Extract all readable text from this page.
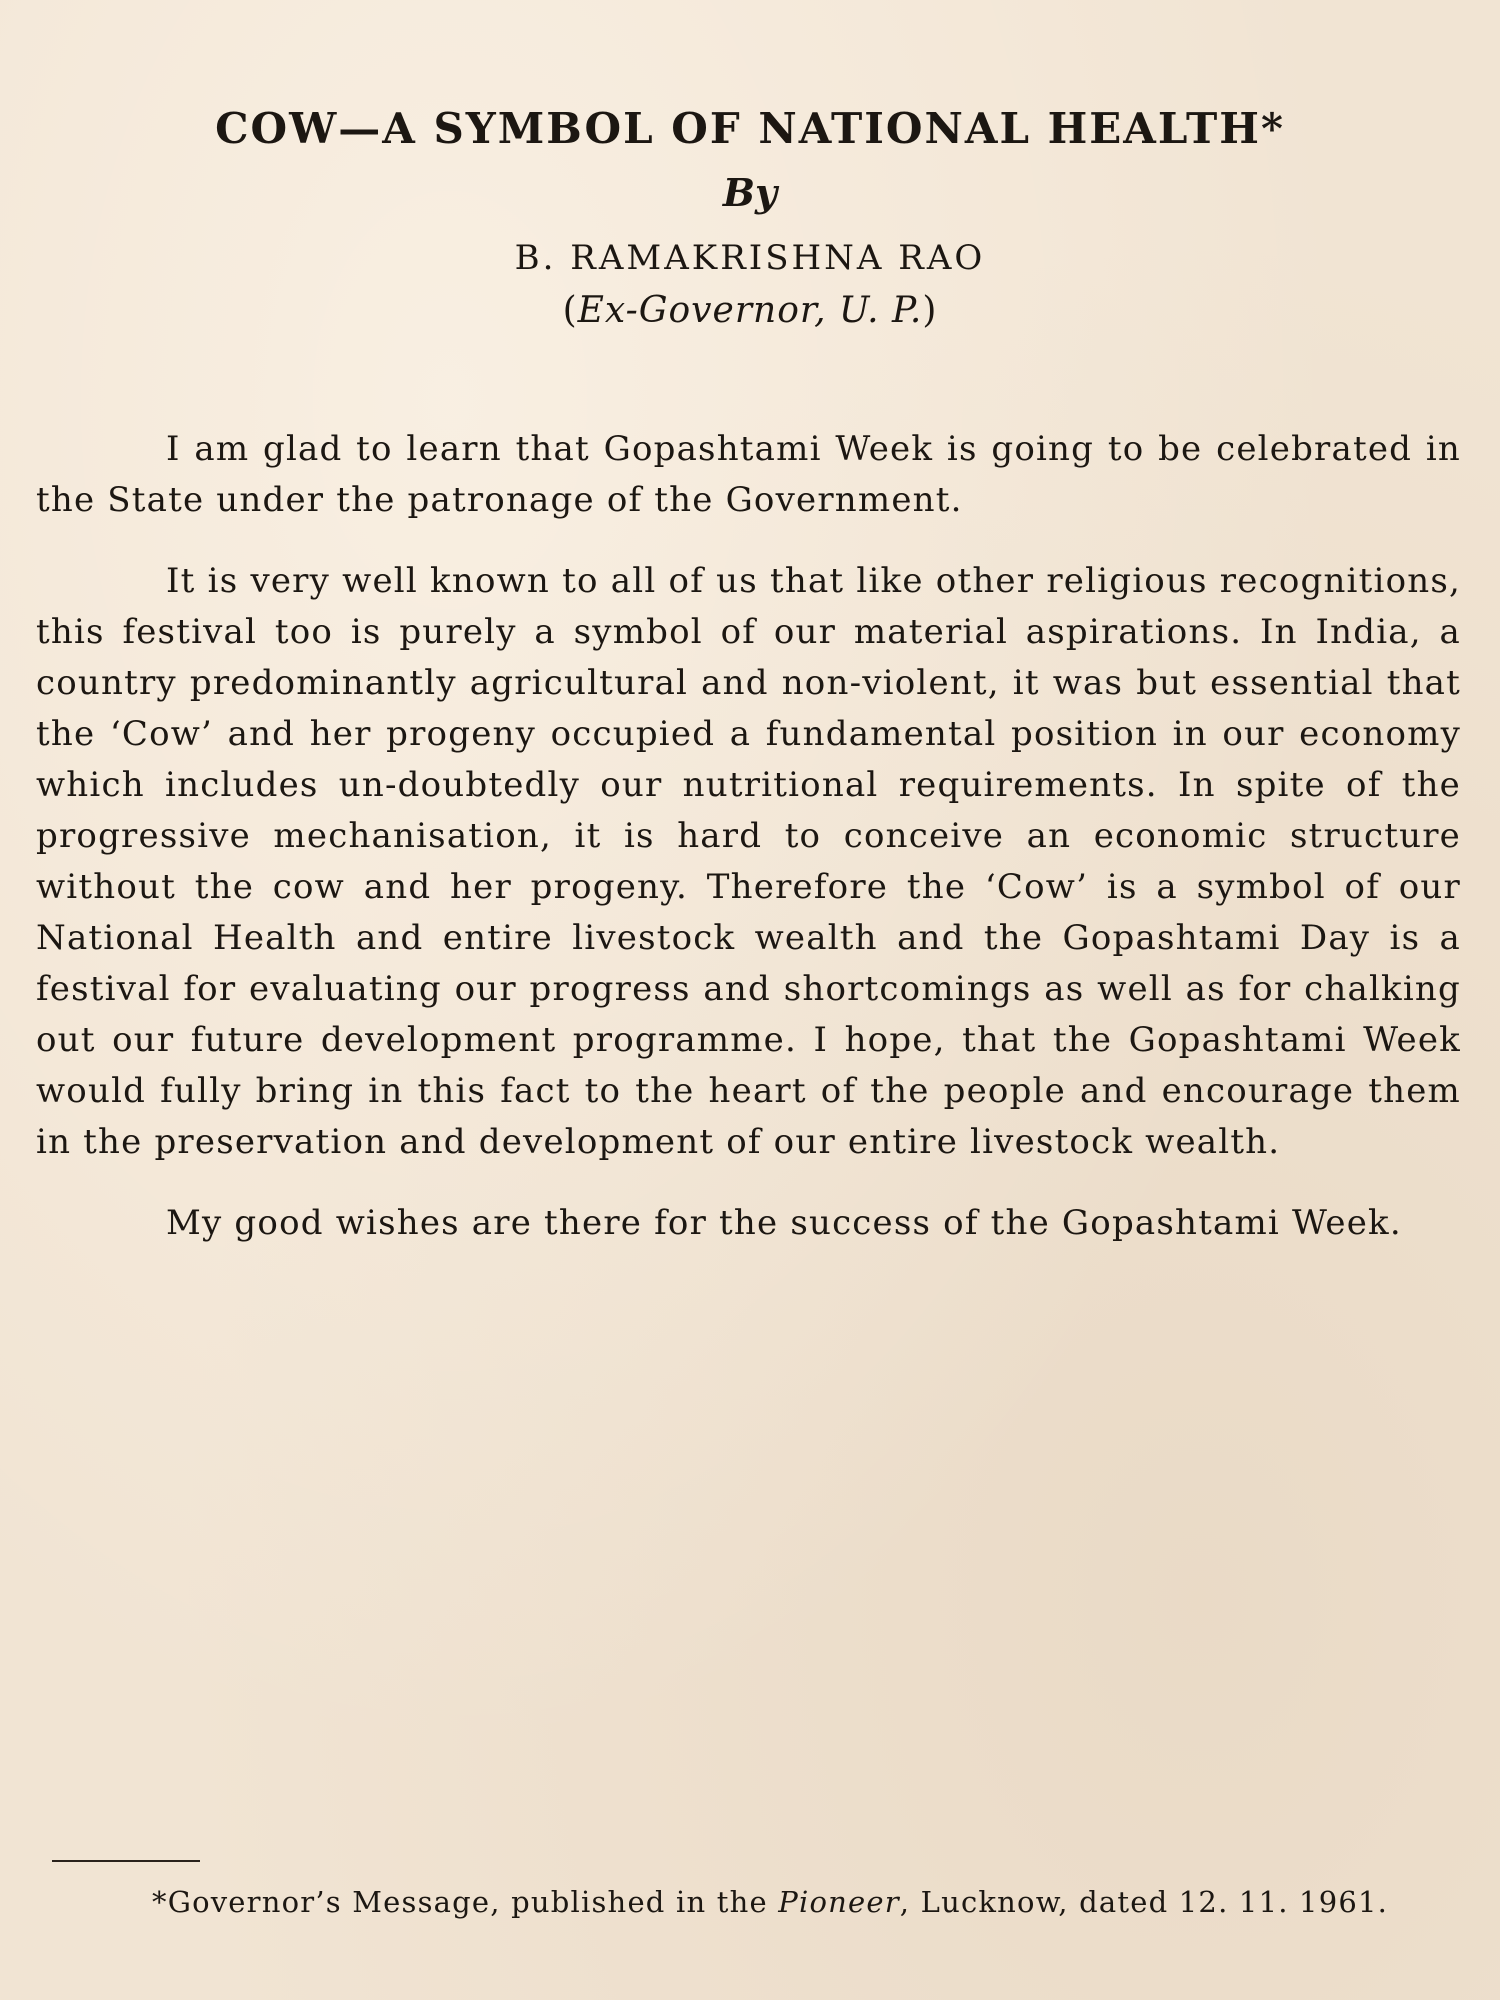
COW—A SYMBOL OF NATIONAL HEALTH*
By
B. RAMAKRISHNA RAO
(Ex-Governor, U. P.)

I am glad to learn that Gopashtami Week is going to be celebrated in the State under the patronage of the Government.

It is very well known to all of us that like other religious recognitions, this festival too is purely a symbol of our material aspirations. In India, a country predominantly agricultural and non-violent, it was but essential that the ‘Cow’ and her progeny occupied a fundamental position in our economy which includes un-doubtedly our nutritional requirements. In spite of the progressive mechanisation, it is hard to conceive an economic structure without the cow and her progeny. Therefore the ‘Cow’ is a symbol of our National Health and entire livestock wealth and the Gopashtami Day is a festival for evaluating our progress and shortcomings as well as for chalking out our future development programme. I hope, that the Gopashtami Week would fully bring in this fact to the heart of the people and encourage them in the preservation and development of our entire livestock wealth.

My good wishes are there for the success of the Gopashtami Week.

*Governor’s Message, published in the Pioneer, Lucknow, dated 12. 11. 1961.
